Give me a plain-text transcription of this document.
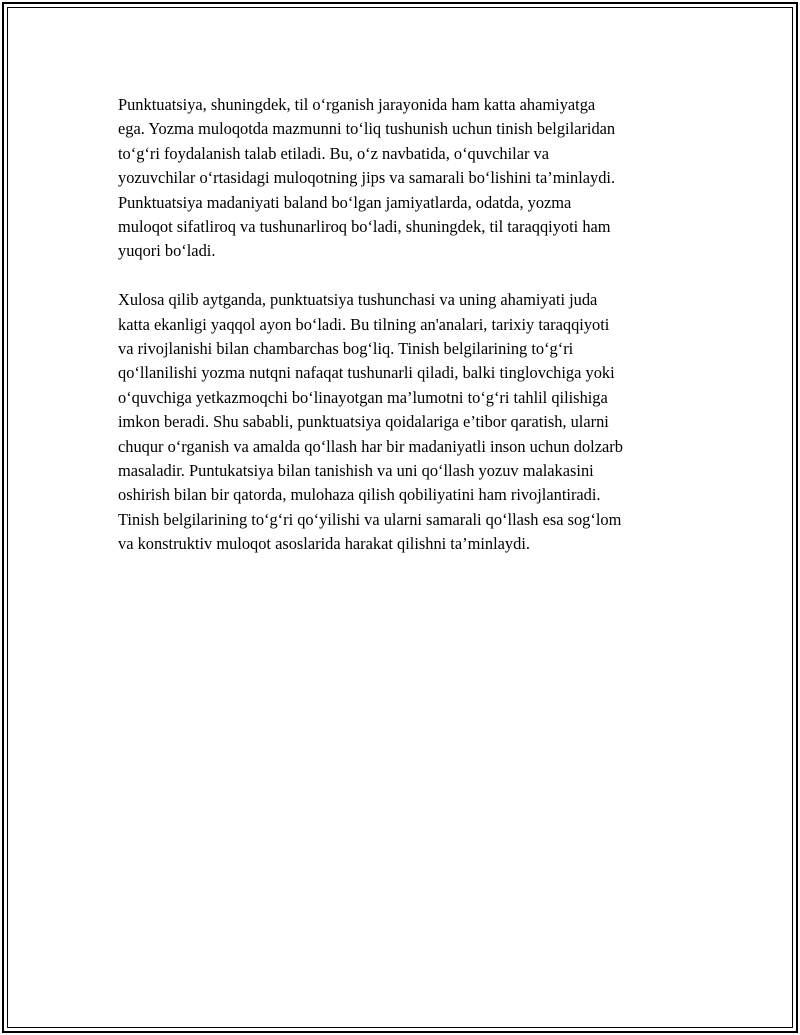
Punktuatsiya, shuningdek, til o‘rganish jarayonida ham katta ahamiyatga
ega. Yozma muloqotda mazmunni to‘liq tushunish uchun tinish belgilaridan
to‘g‘ri foydalanish talab etiladi. Bu, o‘z navbatida, o‘quvchilar va
yozuvchilar o‘rtasidagi muloqotning jips va samarali bo‘lishini ta’minlaydi.
Punktuatsiya madaniyati baland bo‘lgan jamiyatlarda, odatda, yozma
muloqot sifatliroq va tushunarliroq bo‘ladi, shuningdek, til taraqqiyoti ham
yuqori bo‘ladi.

Xulosa qilib aytganda, punktuatsiya tushunchasi va uning ahamiyati juda
katta ekanligi yaqqol ayon bo‘ladi. Bu tilning an'analari, tarixiy taraqqiyoti
va rivojlanishi bilan chambarchas bog‘liq. Tinish belgilarining to‘g‘ri
qo‘llanilishi yozma nutqni nafaqat tushunarli qiladi, balki tinglovchiga yoki
o‘quvchiga yetkazmoqchi bo‘linayotgan ma’lumotni to‘g‘ri tahlil qilishiga
imkon beradi. Shu sababli, punktuatsiya qoidalariga e’tibor qaratish, ularni
chuqur o‘rganish va amalda qo‘llash har bir madaniyatli inson uchun dolzarb
masaladir. Puntukatsiya bilan tanishish va uni qo‘llash yozuv malakasini
oshirish bilan bir qatorda, mulohaza qilish qobiliyatini ham rivojlantiradi.
Tinish belgilarining to‘g‘ri qo‘yilishi va ularni samarali qo‘llash esa sog‘lom
va konstruktiv muloqot asoslarida harakat qilishni ta’minlaydi.
